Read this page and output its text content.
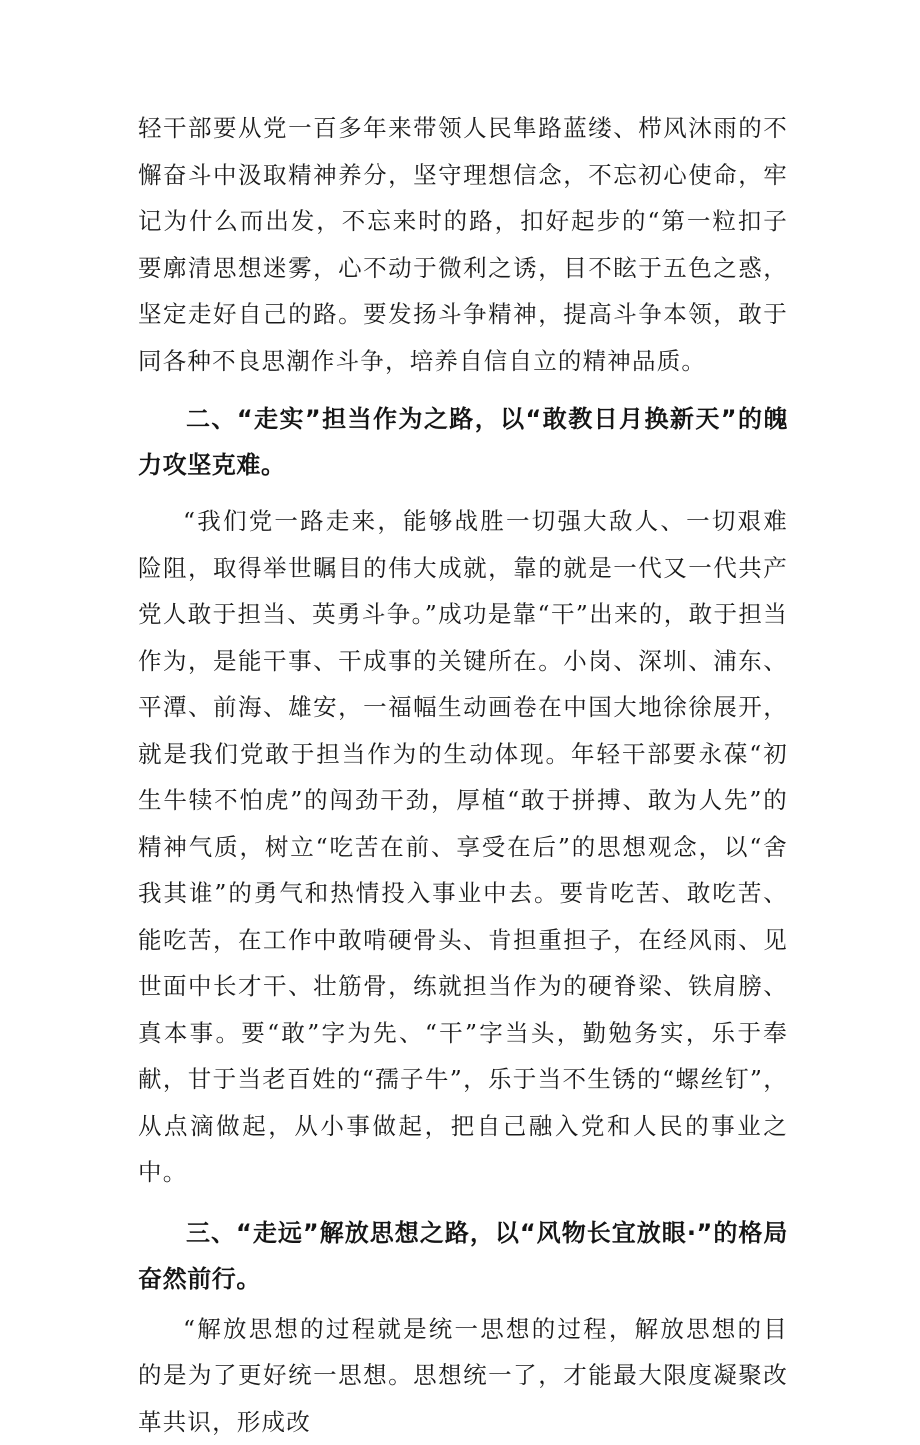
轻干部要从党一百多年来带领人民隼路蓝缕、栉风沐雨的不懈奋斗中汲取精神养分，坚守理想信念，不忘初心使命，牢记为什么而出发，不忘来时的路，扣好起步的“第一粒扣子要廓清思想迷雾，心不动于微利之诱，目不眩于五色之惑，坚定走好自己的路。要发扬斗争精神，提高斗争本领，敢于同各种不良思潮作斗争，培养自信自立的精神品质。

二、“走实”担当作为之路，以“敢教日月换新天”的魄力攻坚克难。

“我们党一路走来，能够战胜一切强大敌人、一切艰难险阻，取得举世瞩目的伟大成就，靠的就是一代又一代共产党人敢于担当、英勇斗争。”成功是靠“干”出来的，敢于担当作为，是能干事、干成事的关键所在。小岗、深圳、浦东、平潭、前海、雄安，一福幅生动画卷在中国大地徐徐展开，就是我们党敢于担当作为的生动体现。年轻干部要永葆“初生牛犊不怕虎”的闯劲干劲，厚植“敢于拼搏、敢为人先”的精神气质，树立“吃苦在前、享受在后”的思想观念，以“舍我其谁”的勇气和热情投入事业中去。要肯吃苦、敢吃苦、能吃苦，在工作中敢啃硬骨头、肯担重担子，在经风雨、见世面中长才干、壮筋骨，练就担当作为的硬脊梁、铁肩膀、真本事。要“敢”字为先、“干”字当头，勤勉务实，乐于奉献，甘于当老百姓的“孺子牛”，乐于当不生锈的“螺丝钉”，从点滴做起，从小事做起，把自己融入党和人民的事业之中。

三、“走远”解放思想之路，以“风物长宜放眼·”的格局奋然前行。

“解放思想的过程就是统一思想的过程，解放思想的目的是为了更好统一思想。思想统一了，才能最大限度凝聚改革共识，形成改
